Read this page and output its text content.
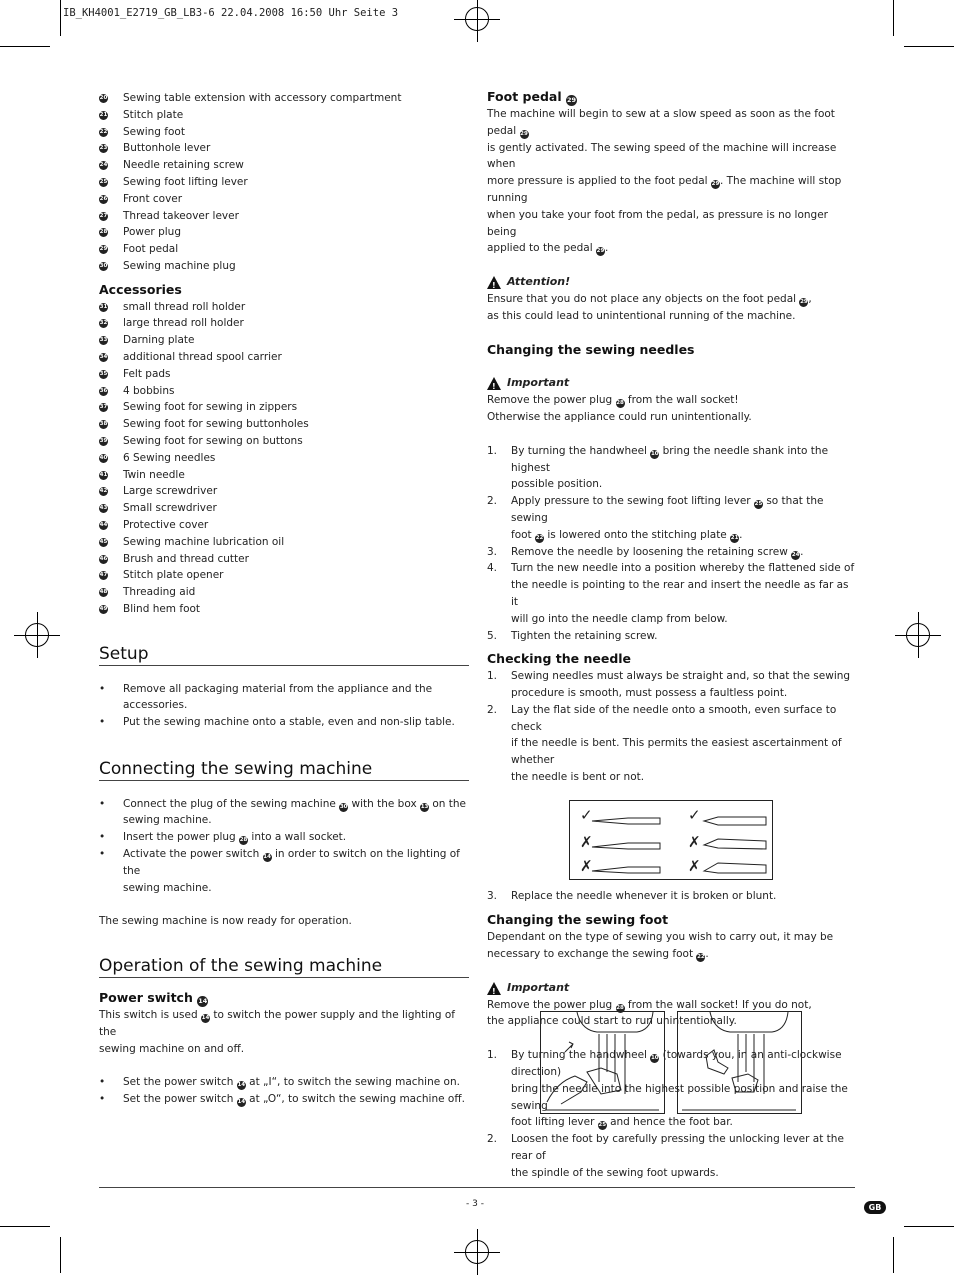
IB_KH4001_E2719_GB_LB3-6 22.04.2008 16:50 Uhr Seite 3
20 Sewing table extension with accessory compartment
21 Stitch plate
22 Sewing foot
23 Buttonhole lever
24 Needle retaining screw
25 Sewing foot lifting lever
26 Front cover
27 Thread takeover lever
28 Power plug
29 Foot pedal
30 Sewing machine plug
Accessories
31 small thread roll holder
32 large thread roll holder
33 Darning plate
34 additional thread spool carrier
35 Felt pads
36 4 bobbins
37 Sewing foot for sewing in zippers
38 Sewing foot for sewing buttonholes
39 Sewing foot for sewing on buttons
40 6 Sewing needles
41 Twin needle
42 Large screwdriver
43 Small screwdriver
44 Protective cover
45 Sewing machine lubrication oil
46 Brush and thread cutter
47 Stitch plate opener
48 Threading aid
49 Blind hem foot
Setup
•	Remove all packaging material from the appliance and the accessories.
•	Put the sewing machine onto a stable, even and non-slip table.
Connecting the sewing machine
•	Connect the plug of the sewing machine 30 with the box 13 on the
sewing machine.
•	Insert the power plug 28 into a wall socket.
•	Activate the power switch 14 in order to switch on the lighting of the
sewing machine.
The sewing machine is now ready for operation.
Operation of the sewing machine
Power switch 14
This switch is used 14 to switch the power supply and the lighting of the
sewing machine on and off.
•	Set the power switch 14 at „I“, to switch the sewing machine on.
•	Set the power switch 14 at „O“, to switch the sewing machine off.
Foot pedal 29
The machine will begin to sew at a slow speed as soon as the foot pedal 29
is gently activated. The sewing speed of the machine will increase when
more pressure is applied to the foot pedal 29. The machine will stop running
when you take your foot from the pedal, as pressure is no longer being
applied to the pedal 29.
!
Attention!
Ensure that you do not place any objects on the foot pedal 29,
as this could lead to unintentional running of the machine.
Changing the sewing needles
!
Important
Remove the power plug 28 from the wall socket!
Otherwise the appliance could run unintentionally.
1.	By turning the handwheel 10 bring the needle shank into the highest
possible position.
2.	Apply pressure to the sewing foot lifting lever 25 so that the sewing
foot 22 is lowered onto the stitching plate 21.
3.	Remove the needle by loosening the retaining screw 24.
4.	Turn the new needle into a position whereby the flattened side of
the needle is pointing to the rear and insert the needle as far as it
will go into the needle clamp from below.
5.	Tighten the retaining screw.
Checking the needle
1.	Sewing needles must always be straight and, so that the sewing
procedure is smooth, must possess a faultless point.
2.	Lay the flat side of the needle onto a smooth, even surface to check
if the needle is bent. This permits the easiest ascertainment of whether
the needle is bent or not.
✓
✗
✗
✓
✗
✗
3.	Replace the needle whenever it is broken or blunt.
Changing the sewing foot
Dependant on the type of sewing you wish to carry out, it may be
necessary to exchange the sewing foot 22.
!
Important
Remove the power plug 28 from the wall socket! If you do not,
the appliance could start to run unintentionally.
1.	By turning the handwheel 10 (towards you, in an anti-clockwise direction)
bring the needle into the highest possible position and raise the sewing
foot lifting lever 25 and hence the foot bar.
2.	Loosen the foot by carefully pressing the unlocking lever at the rear of
the spindle of the sewing foot upwards.
- 3 -	GB
